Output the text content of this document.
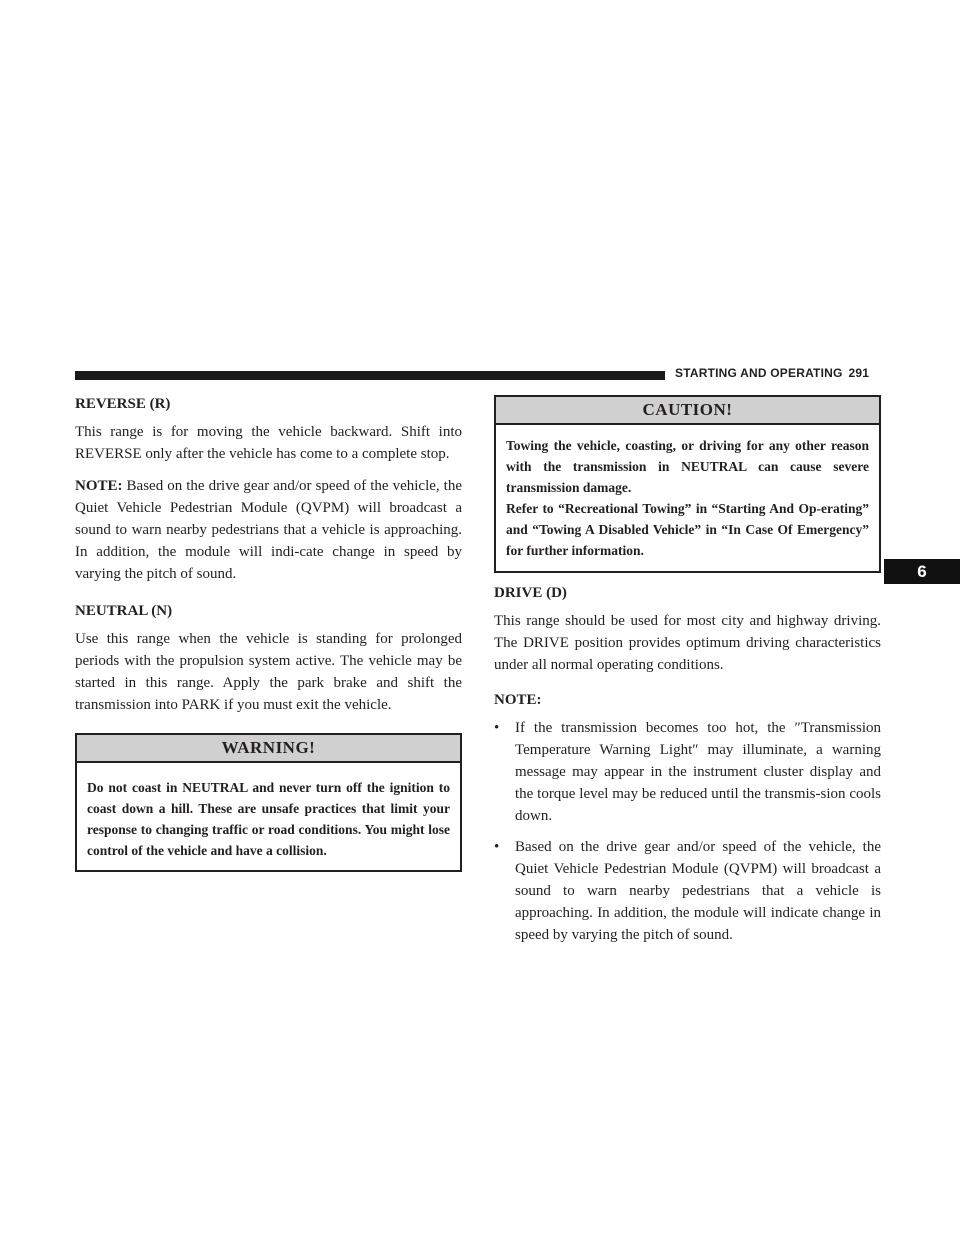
STARTING AND OPERATING 291
6
REVERSE (R)

This range is for moving the vehicle backward. Shift into REVERSE only after the vehicle has come to a complete stop.

NOTE: Based on the drive gear and/or speed of the vehicle, the Quiet Vehicle Pedestrian Module (QVPM) will broadcast a sound to warn nearby pedestrians that a vehicle is approaching. In addition, the module will indi-cate change in speed by varying the pitch of sound.

NEUTRAL (N)

Use this range when the vehicle is standing for prolonged periods with the propulsion system active. The vehicle may be started in this range. Apply the park brake and shift the transmission into PARK if you must exit the vehicle.

WARNING!

Do not coast in NEUTRAL and never turn off the ignition to coast down a hill. These are unsafe practices that limit your response to changing traffic or road conditions. You might lose control of the vehicle and have a collision.

CAUTION!

Towing the vehicle, coasting, or driving for any other reason with the transmission in NEUTRAL can cause severe transmission damage.

Refer to “Recreational Towing” in “Starting And Op-erating” and “Towing A Disabled Vehicle” in “In Case Of Emergency” for further information.

DRIVE (D)

This range should be used for most city and highway driving. The DRIVE position provides optimum driving characteristics under all normal operating conditions.

NOTE:
• If the transmission becomes too hot, the ″Transmission Temperature Warning Light″ may illuminate, a warning message may appear in the instrument cluster display and the torque level may be reduced until the transmis-sion cools down.
• Based on the drive gear and/or speed of the vehicle, the Quiet Vehicle Pedestrian Module (QVPM) will broadcast a sound to warn nearby pedestrians that a vehicle is approaching. In addition, the module will indicate change in speed by varying the pitch of sound.
